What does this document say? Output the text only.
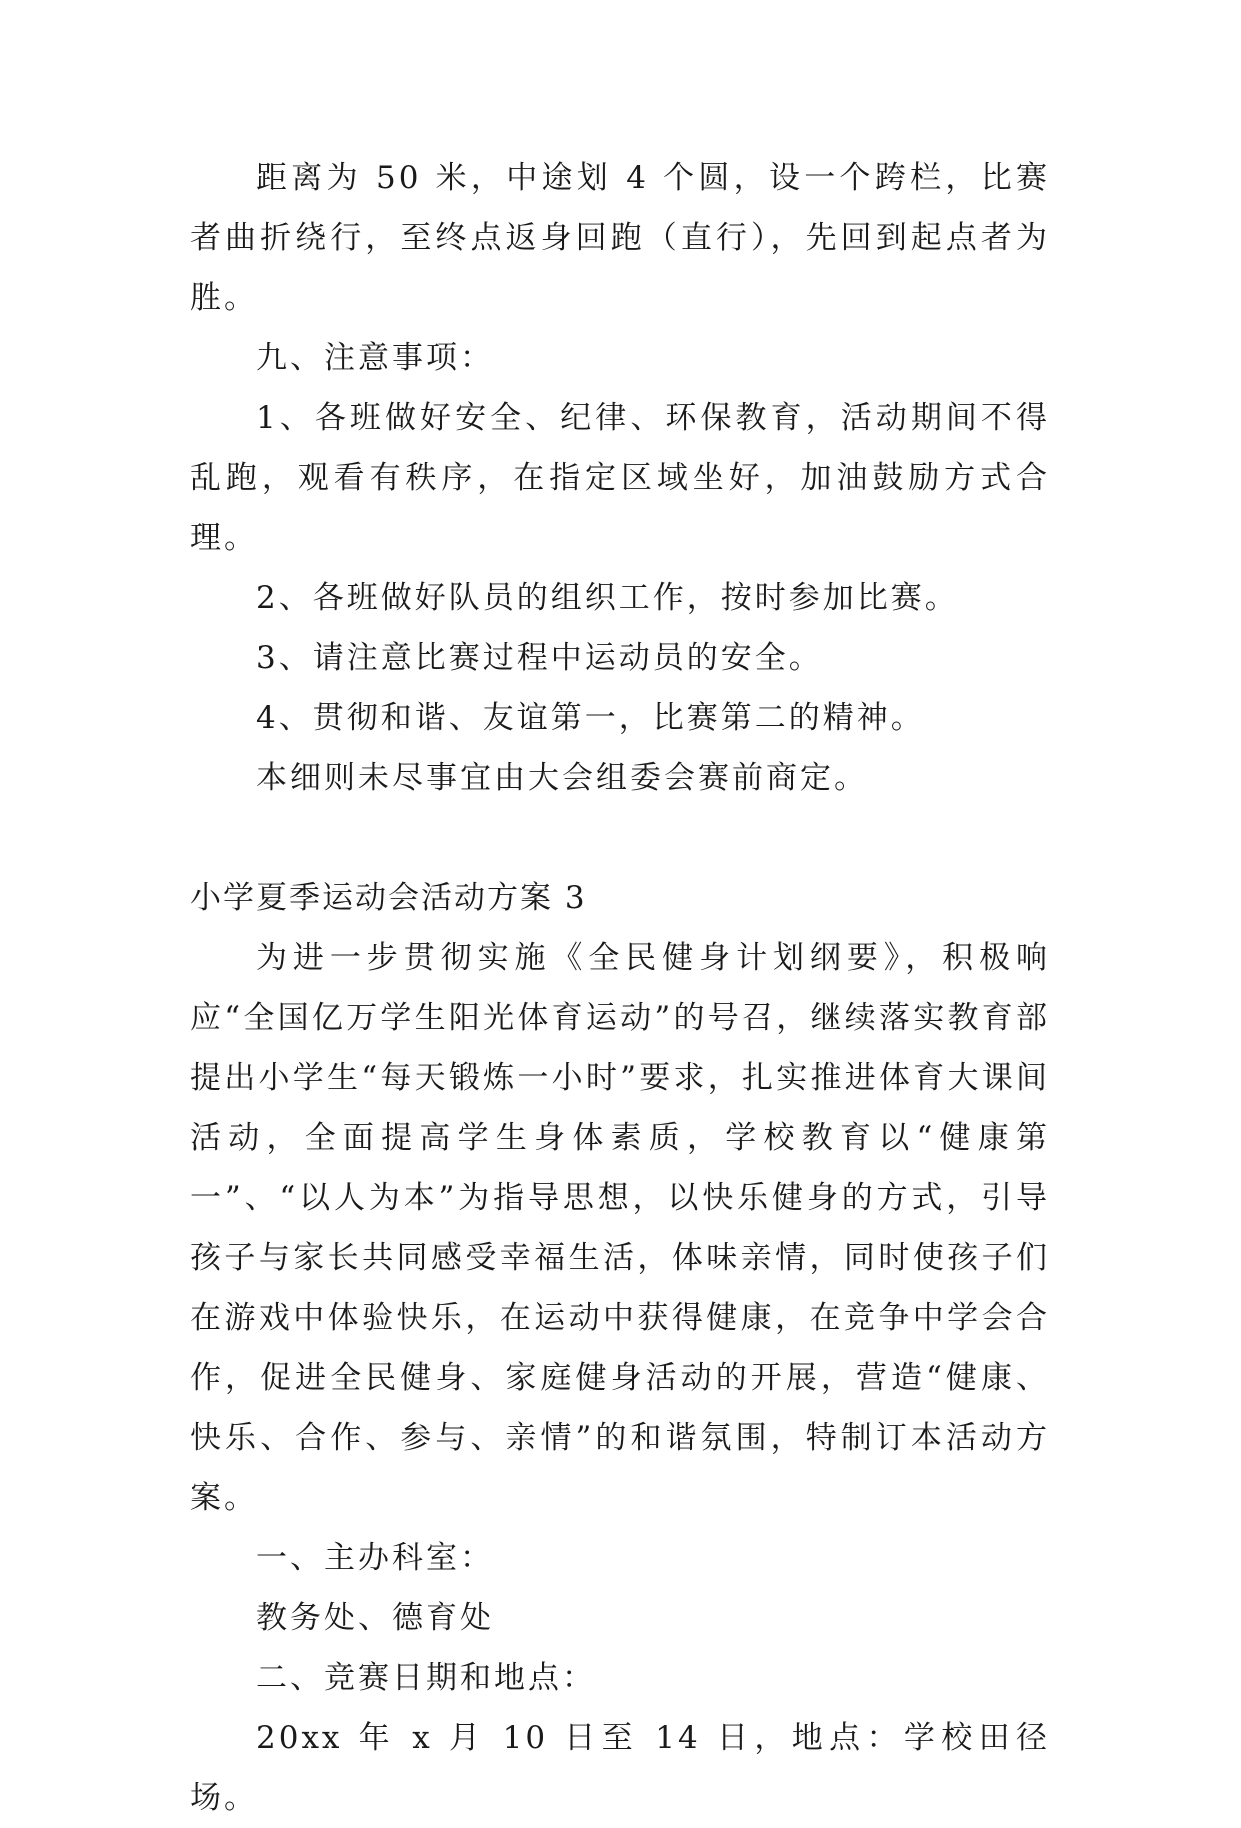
距离为 50 米，中途划 4 个圆，设一个跨栏，比赛者曲折绕行，至终点返身回跑（直行），先回到起点者为胜。

九、注意事项：

1、各班做好安全、纪律、环保教育，活动期间不得乱跑，观看有秩序，在指定区域坐好，加油鼓励方式合理。

2、各班做好队员的组织工作，按时参加比赛。

3、请注意比赛过程中运动员的安全。

4、贯彻和谐、友谊第一，比赛第二的精神。

本细则未尽事宜由大会组委会赛前商定。

小学夏季运动会活动方案 3

为进一步贯彻实施《全民健身计划纲要》，积极响应“全国亿万学生阳光体育运动”的号召，继续落实教育部提出小学生“每天锻炼一小时”要求，扎实推进体育大课间活动，全面提高学生身体素质，学校教育以“健康第一”、“以人为本”为指导思想，以快乐健身的方式，引导孩子与家长共同感受幸福生活，体味亲情，同时使孩子们在游戏中体验快乐，在运动中获得健康，在竞争中学会合作，促进全民健身、家庭健身活动的开展，营造“健康、快乐、合作、参与、亲情”的和谐氛围，特制订本活动方案。

一、主办科室：

教务处、德育处

二、竞赛日期和地点：

20xx 年 x 月 10 日至 14 日，地点：学校田径场。
